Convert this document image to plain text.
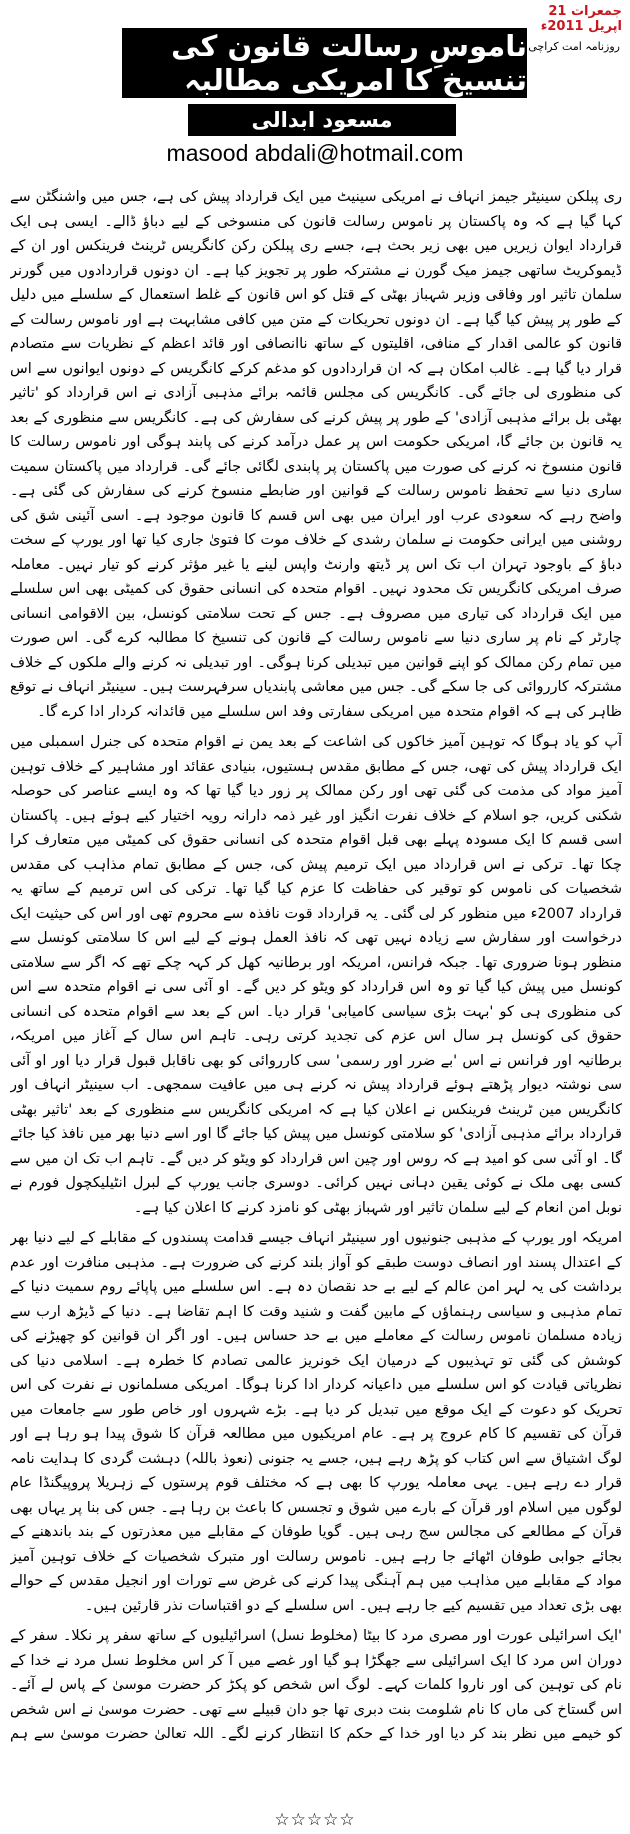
جمعرات 21 اپریل 2011ء
روزنامہ امت کراچی
ناموسِ رسالت قانون کی تنسیخ کا امریکی مطالبہ
مسعود ابدالی
masood abdali@hotmail.com

ری پبلکن سینیٹر جیمز انہاف نے امریکی سینیٹ میں ایک قرارداد پیش کی ہے، جس میں واشنگٹن سے کہا گیا ہے کہ وہ پاکستان پر ناموس رسالت قانون کی منسوخی کے لیے دباؤ ڈالے۔ ایسی ہی ایک قرارداد ایوان زیریں میں بھی زیر بحث ہے، جسے ری پبلکن رکن کانگریس ٹرینٹ فرینکس اور ان کے ڈیموکریٹ ساتھی جیمز میک گورن نے مشترکہ طور پر تجویز کیا ہے۔ ان دونوں قراردادوں میں گورنر سلمان تاثیر اور وفاقی وزیر شہباز بھٹی کے قتل کو اس قانون کے غلط استعمال کے سلسلے میں دلیل کے طور پر پیش کیا گیا ہے۔ ان دونوں تحریکات کے متن میں کافی مشابہت ہے اور ناموس رسالت کے قانون کو عالمی اقدار کے منافی، اقلیتوں کے ساتھ ناانصافی اور قائد اعظم کے نظریات سے متصادم قرار دیا گیا ہے۔ غالب امکان ہے کہ ان قراردادوں کو مدغم کرکے کانگریس کے دونوں ایوانوں سے اس کی منظوری لی جائے گی۔ کانگریس کی مجلس قائمہ برائے مذہبی آزادی نے اس قرارداد کو 'تاثیر بھٹی بل برائے مذہبی آزادی' کے طور پر پیش کرنے کی سفارش کی ہے۔ کانگریس سے منظوری کے بعد یہ قانون بن جائے گا، امریکی حکومت اس پر عمل درآمد کرنے کی پابند ہوگی اور ناموس رسالت کا قانون منسوخ نہ کرنے کی صورت میں پاکستان پر پابندی لگائی جائے گی۔ قرارداد میں پاکستان سمیت ساری دنیا سے تحفظ ناموس رسالت کے قوانین اور ضابطے منسوخ کرنے کی سفارش کی گئی ہے۔ واضح رہے کہ سعودی عرب اور ایران میں بھی اس قسم کا قانون موجود ہے۔ اسی آئینی شق کی روشنی میں ایرانی حکومت نے سلمان رشدی کے خلاف موت کا فتویٰ جاری کیا تھا اور یورپ کے سخت دباؤ کے باوجود تہران اب تک اس پر ڈیتھ وارنٹ واپس لینے یا غیر مؤثر کرنے کو تیار نہیں۔ معاملہ صرف امریکی کانگریس تک محدود نہیں۔ اقوام متحدہ کی انسانی حقوق کی کمیٹی بھی اس سلسلے میں ایک قرارداد کی تیاری میں مصروف ہے۔ جس کے تحت سلامتی کونسل، بین الاقوامی انسانی چارٹر کے نام پر ساری دنیا سے ناموس رسالت کے قانون کی تنسیخ کا مطالبہ کرے گی۔ اس صورت میں تمام رکن ممالک کو اپنے قوانین میں تبدیلی کرنا ہوگی۔ اور تبدیلی نہ کرنے والے ملکوں کے خلاف مشترکہ کارروائی کی جا سکے گی۔ جس میں معاشی پابندیاں سرفہرست ہیں۔ سینیٹر انہاف نے توقع ظاہر کی ہے کہ اقوام متحدہ میں امریکی سفارتی وفد اس سلسلے میں قائدانہ کردار ادا کرے گا۔

آپ کو یاد ہوگا کہ توہین آمیز خاکوں کی اشاعت کے بعد یمن نے اقوام متحدہ کی جنرل اسمبلی میں ایک قرارداد پیش کی تھی، جس کے مطابق مقدس ہستیوں، بنیادی عقائد اور مشاہیر کے خلاف توہین آمیز مواد کی مذمت کی گئی تھی اور رکن ممالک پر زور دیا گیا تھا کہ وہ ایسے عناصر کی حوصلہ شکنی کریں، جو اسلام کے خلاف نفرت انگیز اور غیر ذمہ دارانہ رویہ اختیار کیے ہوئے ہیں۔ پاکستان اسی قسم کا ایک مسودہ پہلے بھی قبل اقوام متحدہ کی انسانی حقوق کی کمیٹی میں متعارف کرا چکا تھا۔ ترکی نے اس قرارداد میں ایک ترمیم پیش کی، جس کے مطابق تمام مذاہب کی مقدس شخصیات کی ناموس کو توقیر کی حفاظت کا عزم کیا گیا تھا۔ ترکی کی اس ترمیم کے ساتھ یہ قرارداد 2007ء میں منظور کر لی گئی۔ یہ قرارداد قوت نافذہ سے محروم تھی اور اس کی حیثیت ایک درخواست اور سفارش سے زیادہ نہیں تھی کہ نافذ العمل ہونے کے لیے اس کا سلامتی کونسل سے منظور ہونا ضروری تھا۔ جبکہ فرانس، امریکہ اور برطانیہ کھل کر کہہ چکے تھے کہ اگر سے سلامتی کونسل میں پیش کیا گیا تو وہ اس قرارداد کو ویٹو کر دیں گے۔ او آئی سی نے اقوام متحدہ سے اس کی منظوری ہی کو 'بہت بڑی سیاسی کامیابی' قرار دیا۔ اس کے بعد سے اقوام متحدہ کی انسانی حقوق کی کونسل ہر سال اس عزم کی تجدید کرتی رہی۔ تاہم اس سال کے آغاز میں امریکہ، برطانیہ اور فرانس نے اس 'بے ضرر اور رسمی' سی کارروائی کو بھی ناقابل قبول قرار دیا اور او آئی سی نوشتہ دیوار پڑھتے ہوئے قرارداد پیش نہ کرنے ہی میں عافیت سمجھی۔ اب سینیٹر انہاف اور کانگریس مین ٹرینٹ فرینکس نے اعلان کیا ہے کہ امریکی کانگریس سے منظوری کے بعد 'تاثیر بھٹی قرارداد برائے مذہبی آزادی' کو سلامتی کونسل میں پیش کیا جائے گا اور اسے دنیا بھر میں نافذ کیا جائے گا۔ او آئی سی کو امید ہے کہ روس اور چین اس قرارداد کو ویٹو کر دیں گے۔ تاہم اب تک ان میں سے کسی بھی ملک نے کوئی یقین دہانی نہیں کرائی۔ دوسری جانب یورپ کے لبرل انٹیلیکچول فورم نے نوبل امن انعام کے لیے سلمان تاثیر اور شہباز بھٹی کو نامزد کرنے کا اعلان کیا ہے۔

امریکہ اور یورپ کے مذہبی جنونیوں اور سینیٹر انہاف جیسے قدامت پسندوں کے مقابلے کے لیے دنیا بھر کے اعتدال پسند اور انصاف دوست طبقے کو آواز بلند کرنے کی ضرورت ہے۔ مذہبی منافرت اور عدم برداشت کی یہ لہر امن عالم کے لیے بے حد نقصان دہ ہے۔ اس سلسلے میں پاپائے روم سمیت دنیا کے تمام مذہبی و سیاسی رہنماؤں کے مابین گفت و شنید وقت کا اہم تقاضا ہے۔ دنیا کے ڈیڑھ ارب سے زیادہ مسلمان ناموس رسالت کے معاملے میں بے حد حساس ہیں۔ اور اگر ان قوانین کو چھیڑنے کی کوشش کی گئی تو تہذیبوں کے درمیان ایک خونریز عالمی تصادم کا خطرہ ہے۔ اسلامی دنیا کی نظریاتی قیادت کو اس سلسلے میں داعیانہ کردار ادا کرنا ہوگا۔ امریکی مسلمانوں نے نفرت کی اس تحریک کو دعوت کے ایک موقع میں تبدیل کر دیا ہے۔ بڑے شہروں اور خاص طور سے جامعات میں قرآن کی تقسیم کا کام عروج پر ہے۔ عام امریکیوں میں مطالعہ قرآن کا شوق پیدا ہو رہا ہے اور لوگ اشتیاق سے اس کتاب کو پڑھ رہے ہیں، جسے یہ جنونی (نعوذ باللہ) دہشت گردی کا ہدایت نامہ قرار دے رہے ہیں۔ یہی معاملہ یورپ کا بھی ہے کہ مختلف قوم پرستوں کے زہریلا پروپیگنڈا عام لوگوں میں اسلام اور قرآن کے بارے میں شوق و تجسس کا باعث بن رہا ہے۔ جس کی بنا پر یہاں بھی قرآن کے مطالعے کی مجالس سج رہی ہیں۔ گویا طوفان کے مقابلے میں معذرتوں کے بند باندھنے کے بجائے جوابی طوفان اٹھائے جا رہے ہیں۔ ناموس رسالت اور متبرک شخصیات کے خلاف توہین آمیز مواد کے مقابلے میں مذاہب میں ہم آہنگی پیدا کرنے کی غرض سے تورات اور انجیل مقدس کے حوالے بھی بڑی تعداد میں تقسیم کیے جا رہے ہیں۔ اس سلسلے کے دو اقتباسات نذر قارئین ہیں۔

'ایک اسرائیلی عورت اور مصری مرد کا بیٹا (مخلوط نسل) اسرائیلیوں کے ساتھ سفر پر نکلا۔ سفر کے دوران اس مرد کا ایک اسرائیلی سے جھگڑا ہو گیا اور غصے میں آ کر اس مخلوط نسل مرد نے خدا کے نام کی توہین کی اور ناروا کلمات کہے۔ لوگ اس شخص کو پکڑ کر حضرت موسیٰ کے پاس لے آئے۔ اس گستاخ کی ماں کا نام شلومت بنت دبری تھا جو دان قبیلے سے تھی۔ حضرت موسیٰ نے اس شخص کو خیمے میں نظر بند کر دیا اور خدا کے حکم کا انتظار کرنے لگے۔ اللہ تعالیٰ حضرت موسیٰ سے ہم

☆☆☆☆☆
